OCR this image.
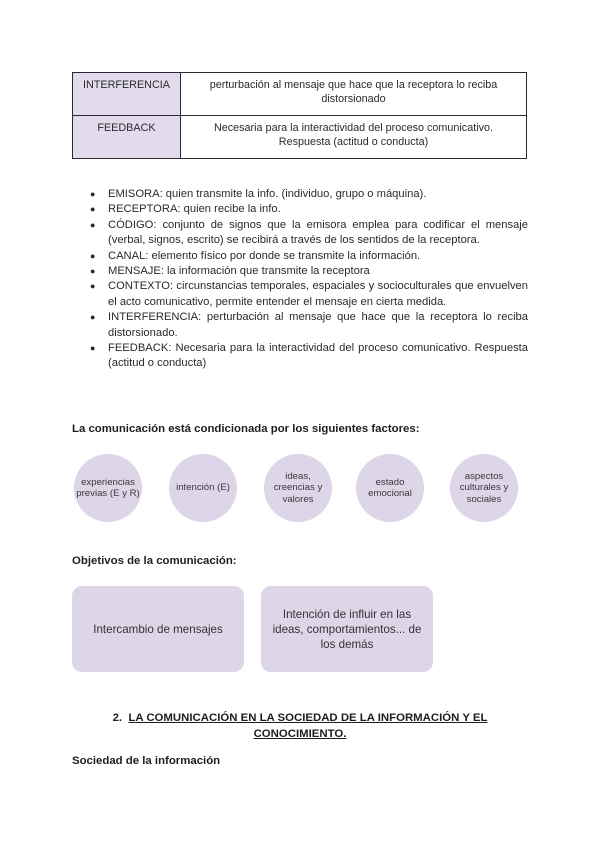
INTERFERENCIA	perturbación al mensaje que hace que la receptora lo reciba distorsionado
FEEDBACK	Necesaria para la interactividad del proceso comunicativo. Respuesta (actitud o conducta)
● EMISORA: quien transmite la info. (individuo, grupo o máquina).
● RECEPTORA: quien recibe la info.
● CÓDIGO: conjunto de signos que la emisora emplea para codificar el mensaje (verbal, signos, escrito) se recibirá a través de los sentidos de la receptora.
● CANAL: elemento físico por donde se transmite la información.
● MENSAJE: la información que transmite la receptora
● CONTEXTO: circunstancias temporales, espaciales y socioculturales que envuelven el acto comunicativo, permite entender el mensaje en cierta medida.
● INTERFERENCIA: perturbación al mensaje que hace que la receptora lo reciba distorsionado.
● FEEDBACK: Necesaria para la interactividad del proceso comunicativo. Respuesta (actitud o conducta)
La comunicación está condicionada por los siguientes factores:
experiencias previas (E y R)
intención (E)
ideas, creencias y valores
estado emocional
aspectos culturales y sociales
Objetivos de la comunicación:
Intercambio de mensajes
Intención de influir en las ideas, comportamientos... de los demás
2. LA COMUNICACIÓN EN LA SOCIEDAD DE LA INFORMACIÓN Y EL CONOCIMIENTO.
Sociedad de la información
